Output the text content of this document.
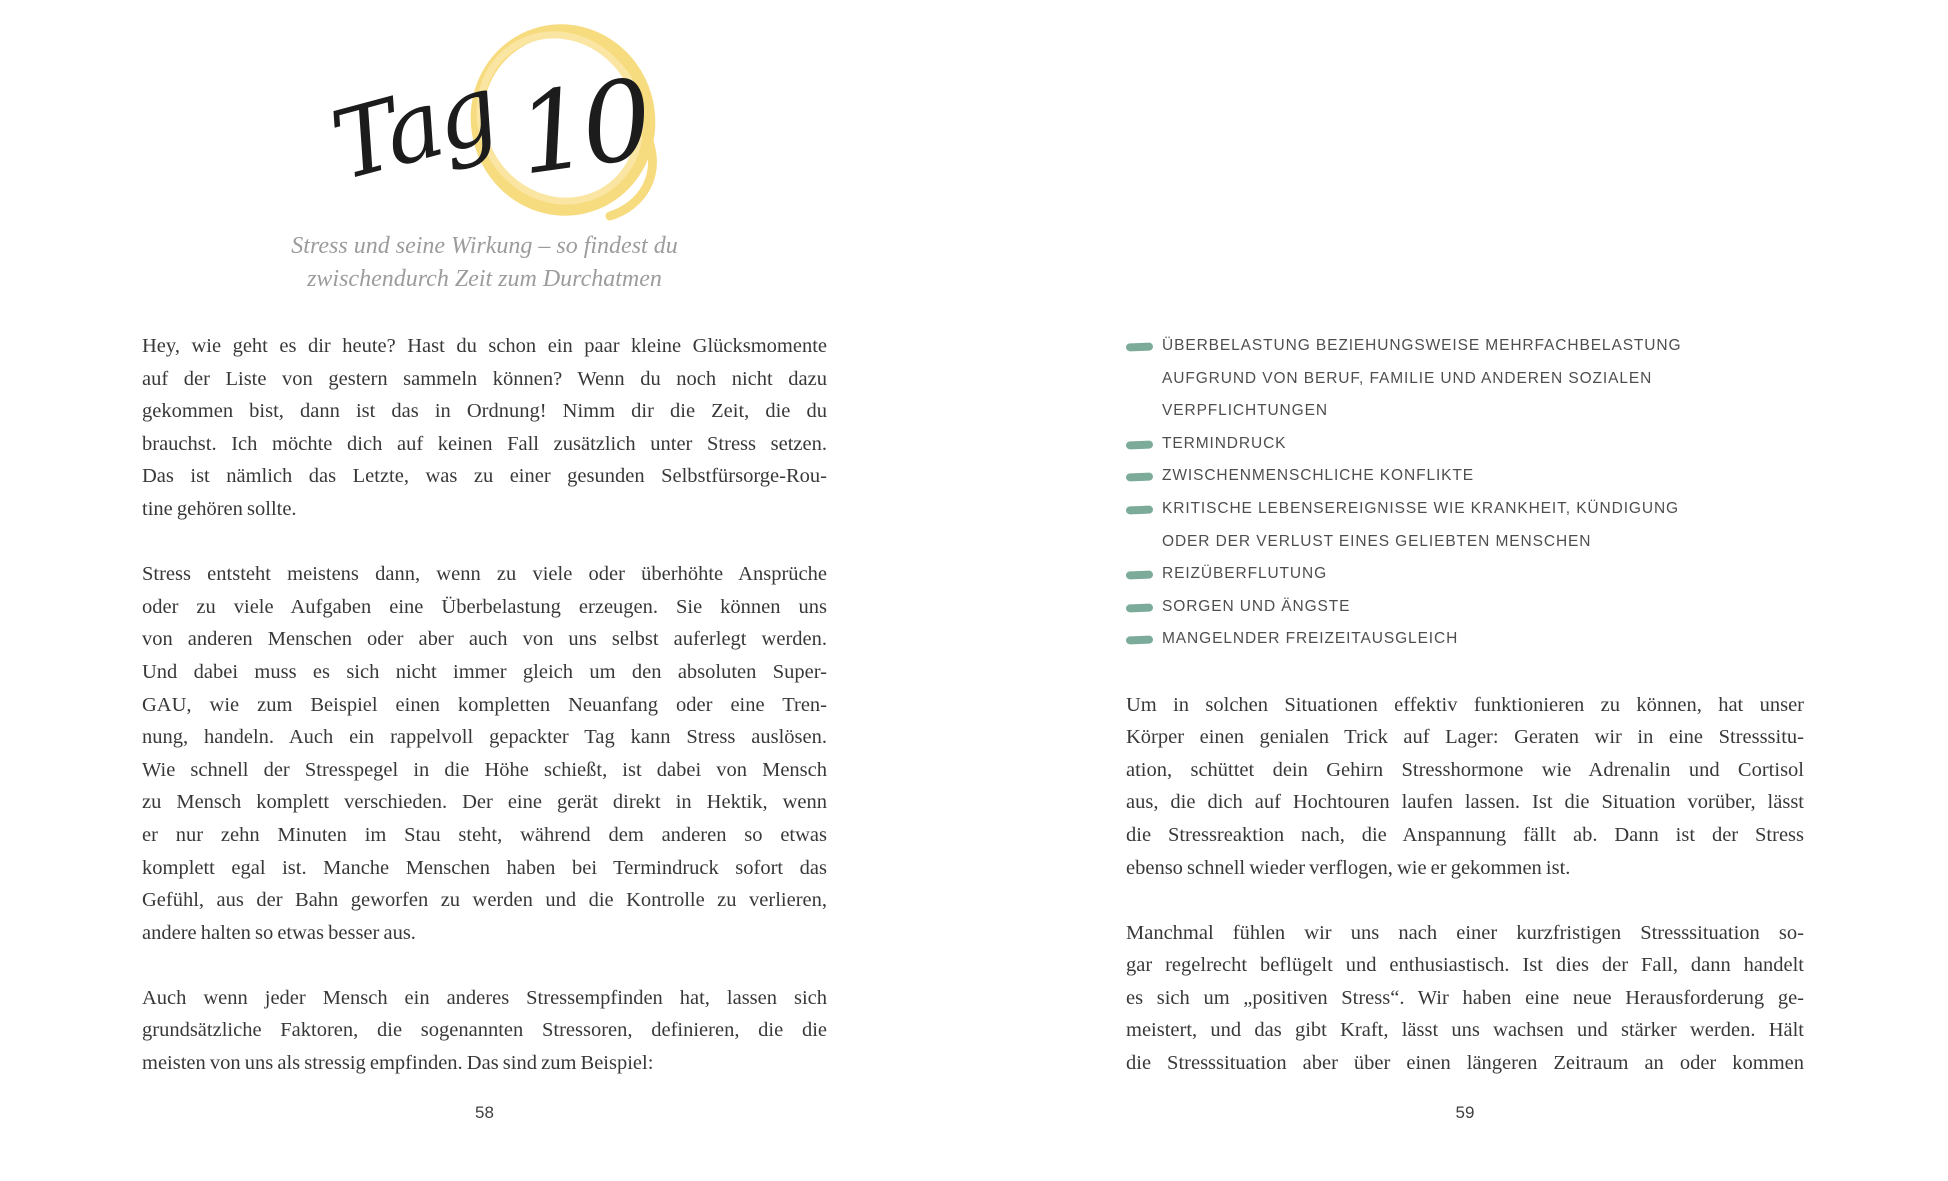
Tag 10
Stress und seine Wirkung – so findest du
zwischendurch Zeit zum Durchatmen
Hey, wie geht es dir heute? Hast du schon ein paar kleine Glücksmomente
auf der Liste von gestern sammeln können? Wenn du noch nicht dazu
gekommen bist, dann ist das in Ordnung! Nimm dir die Zeit, die du
brauchst. Ich möchte dich auf keinen Fall zusätzlich unter Stress setzen.
Das ist nämlich das Letzte, was zu einer gesunden Selbstfürsorge-Rou-
tine gehören sollte.
Stress entsteht meistens dann, wenn zu viele oder überhöhte Ansprüche
oder zu viele Aufgaben eine Überbelastung erzeugen. Sie können uns
von anderen Menschen oder aber auch von uns selbst auferlegt werden.
Und dabei muss es sich nicht immer gleich um den absoluten Super-
GAU, wie zum Beispiel einen kompletten Neuanfang oder eine Tren-
nung, handeln. Auch ein rappelvoll gepackter Tag kann Stress auslösen.
Wie schnell der Stresspegel in die Höhe schießt, ist dabei von Mensch
zu Mensch komplett verschieden. Der eine gerät direkt in Hektik, wenn
er nur zehn Minuten im Stau steht, während dem anderen so etwas
komplett egal ist. Manche Menschen haben bei Termindruck sofort das
Gefühl, aus der Bahn geworfen zu werden und die Kontrolle zu verlieren,
andere halten so etwas besser aus.
Auch wenn jeder Mensch ein anderes Stressempfinden hat, lassen sich
grundsätzliche Faktoren, die sogenannten Stressoren, definieren, die die
meisten von uns als stressig empfinden. Das sind zum Beispiel:
58
ÜBERBELASTUNG BEZIEHUNGSWEISE MEHRFACHBELASTUNG
AUFGRUND VON BERUF, FAMILIE UND ANDEREN SOZIALEN
VERPFLICHTUNGEN
TERMINDRUCK
ZWISCHENMENSCHLICHE KONFLIKTE
KRITISCHE LEBENSEREIGNISSE WIE KRANKHEIT, KÜNDIGUNG
ODER DER VERLUST EINES GELIEBTEN MENSCHEN
REIZÜBERFLUTUNG
SORGEN UND ÄNGSTE
MANGELNDER FREIZEITAUSGLEICH
Um in solchen Situationen effektiv funktionieren zu können, hat unser
Körper einen genialen Trick auf Lager: Geraten wir in eine Stresssitu-
ation, schüttet dein Gehirn Stresshormone wie Adrenalin und Cortisol
aus, die dich auf Hochtouren laufen lassen. Ist die Situation vorüber, lässt
die Stressreaktion nach, die Anspannung fällt ab. Dann ist der Stress
ebenso schnell wieder verflogen, wie er gekommen ist.
Manchmal fühlen wir uns nach einer kurzfristigen Stresssituation so-
gar regelrecht beflügelt und enthusiastisch. Ist dies der Fall, dann handelt
es sich um „positiven Stress“. Wir haben eine neue Herausforderung ge-
meistert, und das gibt Kraft, lässt uns wachsen und stärker werden. Hält
die Stresssituation aber über einen längeren Zeitraum an oder kommen
59
